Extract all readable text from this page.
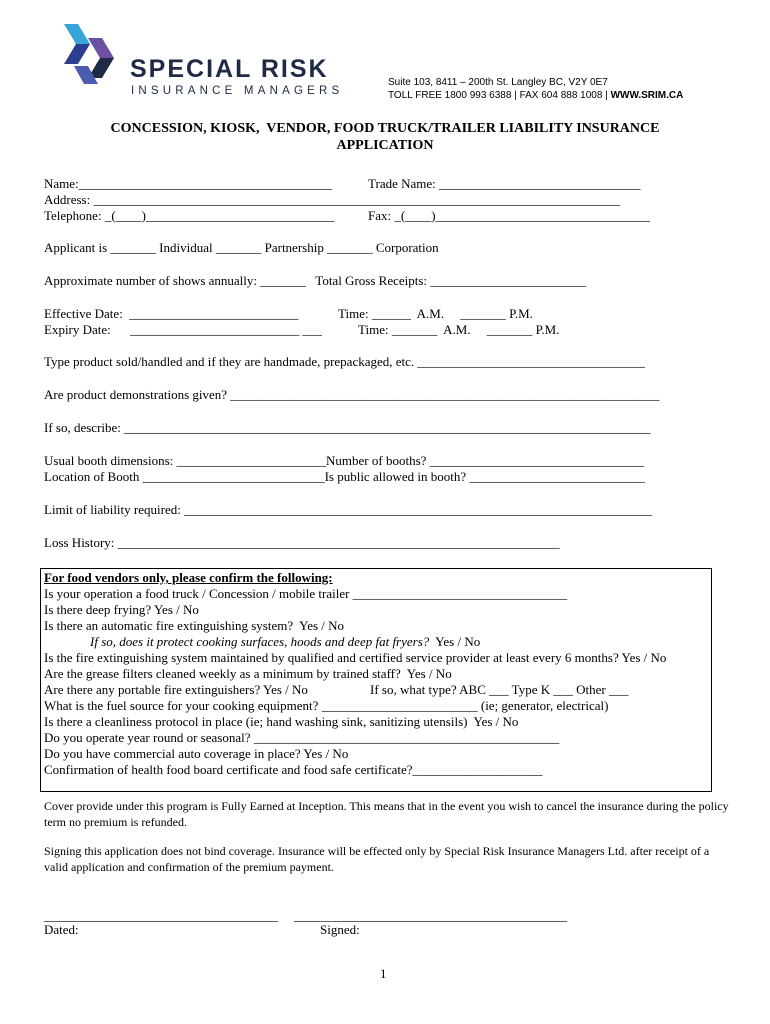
SPECIAL RISK
INSURANCE MANAGERS
Suite 103, 8411 – 200th St. Langley BC, V2Y 0E7
TOLL FREE 1800 993 6388 | FAX 604 888 1008 | WWW.SRIM.CA
CONCESSION, KIOSK,  VENDOR, FOOD TRUCK/TRAILER LIABILITY INSURANCE
APPLICATION
Name:_______________________________________	Trade Name: _______________________________
Address: _________________________________________________________________________________
Telephone: _(____)_____________________________	Fax: _(____)_________________________________
Applicant is _______ Individual _______ Partnership _______ Corporation
Approximate number of shows annually: _______   Total Gross Receipts: ________________________
Effective Date:  __________________________	Time: ______  A.M.     _______ P.M.
Expiry Date:      __________________________ ___	Time: _______  A.M.     _______ P.M.
Type product sold/handled and if they are handmade, prepackaged, etc. ___________________________________
Are product demonstrations given? __________________________________________________________________
If so, describe: _________________________________________________________________________________
Usual booth dimensions: _______________________Number of booths? _________________________________
Location of Booth ____________________________Is public allowed in booth? ___________________________
Limit of liability required: ________________________________________________________________________
Loss History: ____________________________________________________________________
For food vendors only, please confirm the following:
Is your operation a food truck / Concession / mobile trailer _________________________________
Is there deep frying? Yes / No
Is there an automatic fire extinguishing system?  Yes / No
If so, does it protect cooking surfaces, hoods and deep fat fryers?  Yes / No
Is the fire extinguishing system maintained by qualified and certified service provider at least every 6 months? Yes / No
Are the grease filters cleaned weekly as a minimum by trained staff?  Yes / No
Are there any portable fire extinguishers? Yes / No	If so, what type? ABC ___ Type K ___ Other ___
What is the fuel source for your cooking equipment? ________________________ (ie; generator, electrical)
Is there a cleanliness protocol in place (ie; hand washing sink, sanitizing utensils)  Yes / No
Do you operate year round or seasonal? _______________________________________________
Do you have commercial auto coverage in place? Yes / No
Confirmation of health food board certificate and food safe certificate?____________________
Cover provide under this program is Fully Earned at Inception. This means that in the event you wish to cancel the insurance during the policy term no premium is refunded.
Signing this application does not bind coverage. Insurance will be effected only by Special Risk Insurance Managers Ltd. after receipt of a valid application and confirmation of the premium payment.
____________________________________ __________________________________________
Dated:	Signed:
1
